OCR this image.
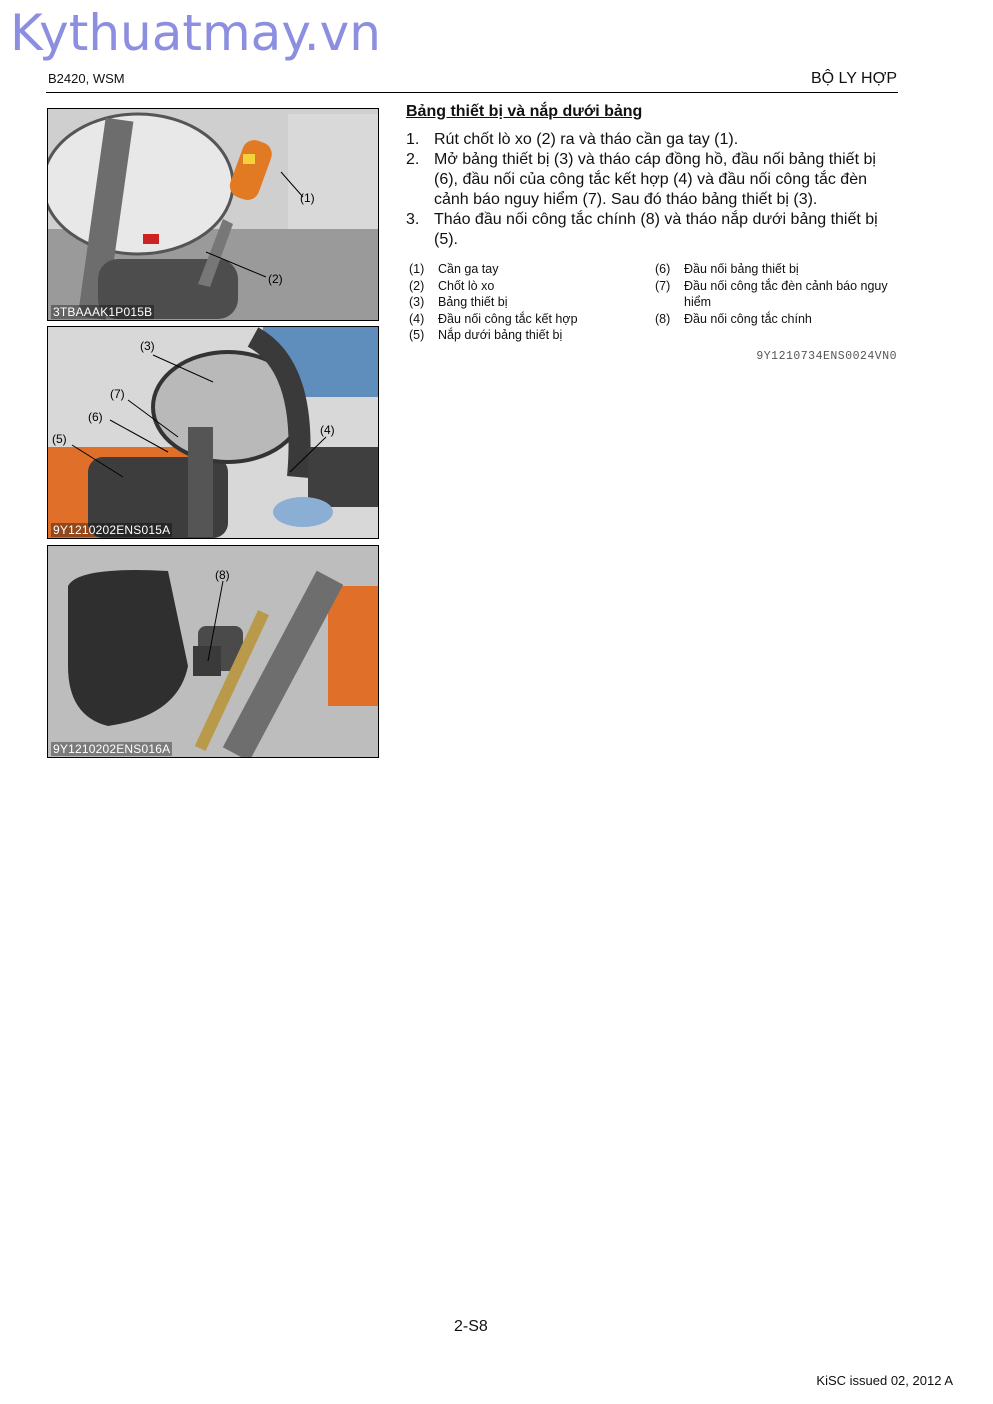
Kythuatmay.vn
B2420, WSM	BỘ LY HỢP
(1)
(2)
3TBAAAK1P015B
(3)
(7)
(6)
(5)
(4)
9Y1210202ENS015A
(8)
9Y1210202ENS016A
Bảng thiết bị và nắp dưới bảng
1. Rút chốt lò xo (2) ra và tháo cần ga tay (1).
2. Mở bảng thiết bị (3) và tháo cáp đồng hồ, đầu nối bảng thiết bị (6), đầu nối của công tắc kết hợp (4) và đầu nối công tắc đèn cảnh báo nguy hiểm (7). Sau đó tháo bảng thiết bị (3).
3. Tháo đầu nối công tắc chính (8) và tháo nắp dưới bảng thiết bị (5).
(1) Cần ga tay
(2) Chốt lò xo
(3) Bảng thiết bị
(4) Đầu nối công tắc kết hợp
(5) Nắp dưới bảng thiết bị
(6) Đầu nối bảng thiết bị
(7) Đầu nối công tắc đèn cảnh báo nguy hiểm
(8) Đầu nối công tắc chính
9Y1210734ENS0024VN0
2-S8
KiSC issued 02, 2012 A
